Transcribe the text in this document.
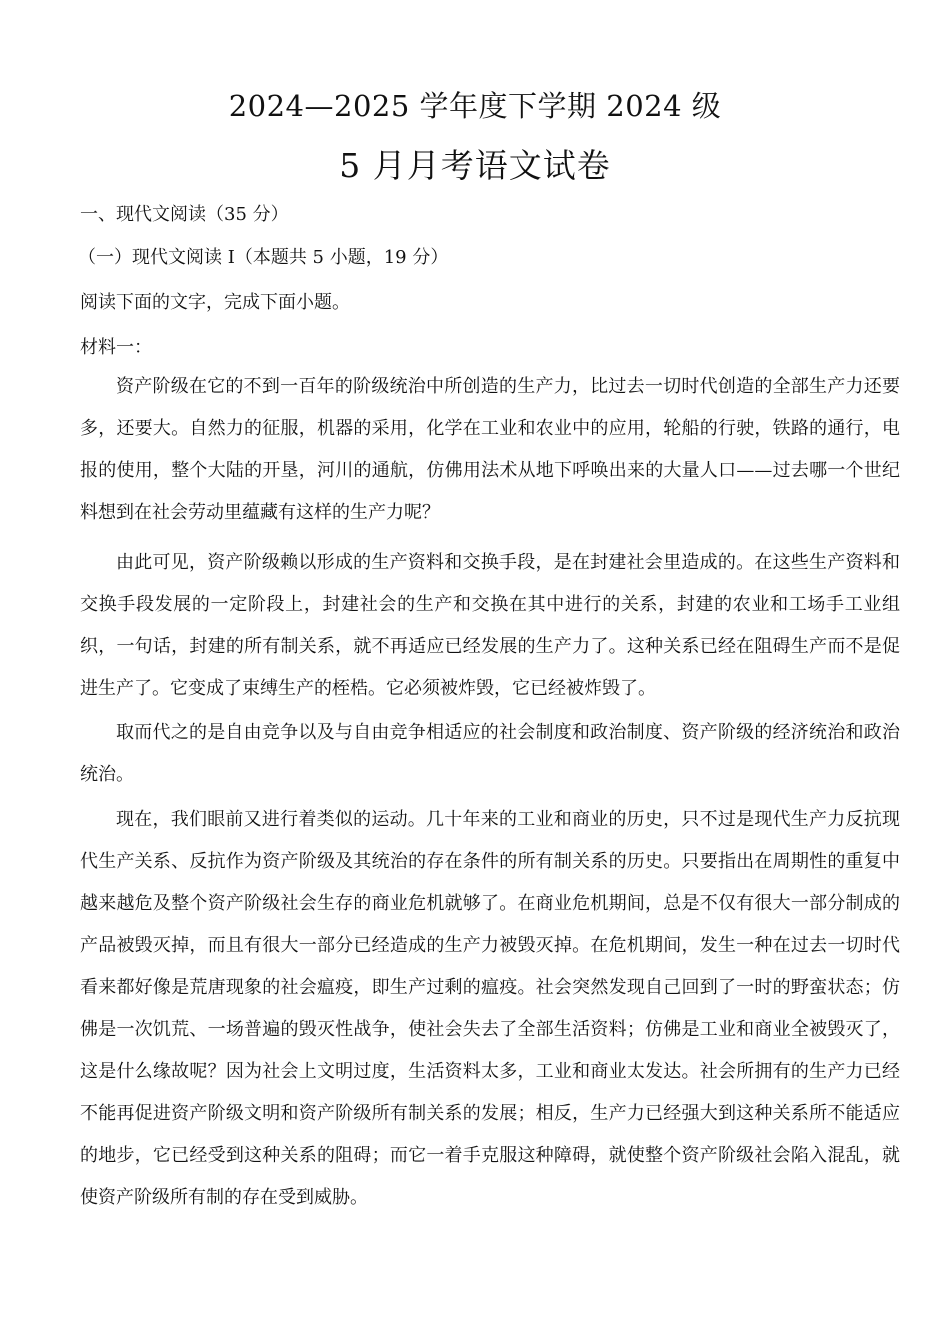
2024—2025 学年度下学期 2024 级
5 月月考语文试卷
一、现代文阅读（35 分）
（一）现代文阅读 I（本题共 5 小题，19 分）
阅读下面的文字，完成下面小题。
材料一：

资产阶级在它的不到一百年的阶级统治中所创造的生产力，比过去一切时代创造的全部生产力还要多，还要大。自然力的征服，机器的采用，化学在工业和农业中的应用，轮船的行驶，铁路的通行，电报的使用，整个大陆的开垦，河川的通航，仿佛用法术从地下呼唤出来的大量人口——过去哪一个世纪料想到在社会劳动里蕴藏有这样的生产力呢？

由此可见，资产阶级赖以形成的生产资料和交换手段，是在封建社会里造成的。在这些生产资料和交换手段发展的一定阶段上，封建社会的生产和交换在其中进行的关系，封建的农业和工场手工业组织，一句话，封建的所有制关系，就不再适应已经发展的生产力了。这种关系已经在阻碍生产而不是促进生产了。它变成了束缚生产的桎梏。它必须被炸毁，它已经被炸毁了。

取而代之的是自由竞争以及与自由竞争相适应的社会制度和政治制度、资产阶级的经济统治和政治统治。

现在，我们眼前又进行着类似的运动。几十年来的工业和商业的历史，只不过是现代生产力反抗现代生产关系、反抗作为资产阶级及其统治的存在条件的所有制关系的历史。只要指出在周期性的重复中越来越危及整个资产阶级社会生存的商业危机就够了。在商业危机期间，总是不仅有很大一部分制成的产品被毁灭掉，而且有很大一部分已经造成的生产力被毁灭掉。在危机期间，发生一种在过去一切时代看来都好像是荒唐现象的社会瘟疫，即生产过剩的瘟疫。社会突然发现自己回到了一时的野蛮状态；仿佛是一次饥荒、一场普遍的毁灭性战争，使社会失去了全部生活资料；仿佛是工业和商业全被毁灭了，这是什么缘故呢？因为社会上文明过度，生活资料太多，工业和商业太发达。社会所拥有的生产力已经不能再促进资产阶级文明和资产阶级所有制关系的发展；相反，生产力已经强大到这种关系所不能适应的地步，它已经受到这种关系的阻碍；而它一着手克服这种障碍，就使整个资产阶级社会陷入混乱，就使资产阶级所有制的存在受到威胁。
